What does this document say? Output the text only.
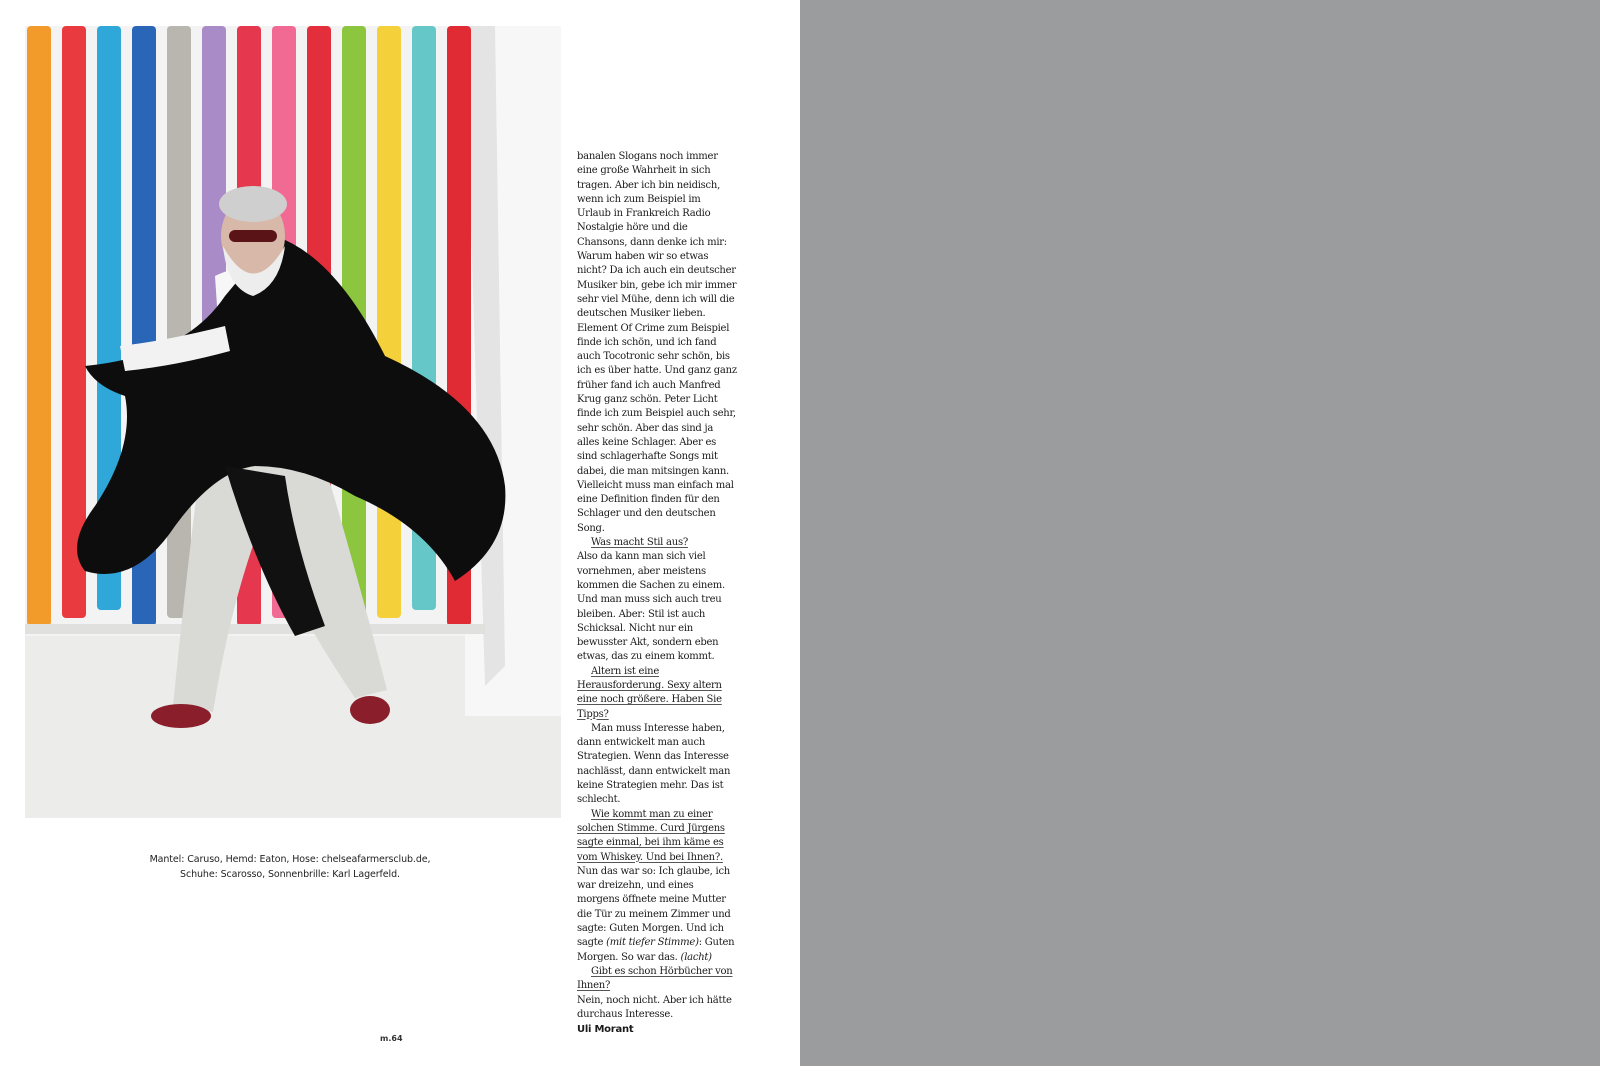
Mantel: Caruso, Hemd: Eaton, Hose: chelseafarmersclub.de,
Schuhe: Scarosso, Sonnenbrille: Karl Lagerfeld.

banalen Slogans noch immer eine große Wahrheit in sich tragen. Aber ich bin neidisch, wenn ich zum Beispiel im Urlaub in Frankreich Radio Nostalgie höre und die Chansons, dann denke ich mir: Warum haben wir so etwas nicht? Da ich auch ein deutscher Musiker bin, gebe ich mir immer sehr viel Mühe, denn ich will die deutschen Musiker lieben. Element Of Crime zum Beispiel finde ich schön, und ich fand auch Tocotronic sehr schön, bis ich es über hatte. Und ganz ganz früher fand ich auch Manfred Krug ganz schön. Peter Licht finde ich zum Beispiel auch sehr, sehr schön. Aber das sind ja alles keine Schlager. Aber es sind schlagerhafte Songs mit dabei, die man mitsingen kann. Vielleicht muss man einfach mal eine Definition finden für den Schlager und den deutschen Song.

Was macht Stil aus?

Also da kann man sich viel vornehmen, aber meistens kommen die Sachen zu einem. Und man muss sich auch treu bleiben. Aber: Stil ist auch Schicksal. Nicht nur ein bewusster Akt, sondern eben etwas, das zu einem kommt.

Altern ist eine Herausforderung. Sexy altern eine noch größere. Haben Sie Tipps?

Man muss Interesse haben, dann entwickelt man auch Strategien. Wenn das Interesse nachlässt, dann entwickelt man keine Strategien mehr. Das ist schlecht.

Wie kommt man zu einer solchen Stimme. Curd Jürgens sagte einmal, bei ihm käme es vom Whiskey. Und bei Ihnen?.

Nun das war so: Ich glaube, ich war dreizehn, und eines morgens öffnete meine Mutter die Tür zu meinem Zimmer und sagte: Guten Morgen. Und ich sagte (mit tiefer Stimme): Guten Morgen. So war das. (lacht)

Gibt es schon Hörbücher von Ihnen?

Nein, noch nicht. Aber ich hätte durchaus Interesse.

Uli Morant

m.64
